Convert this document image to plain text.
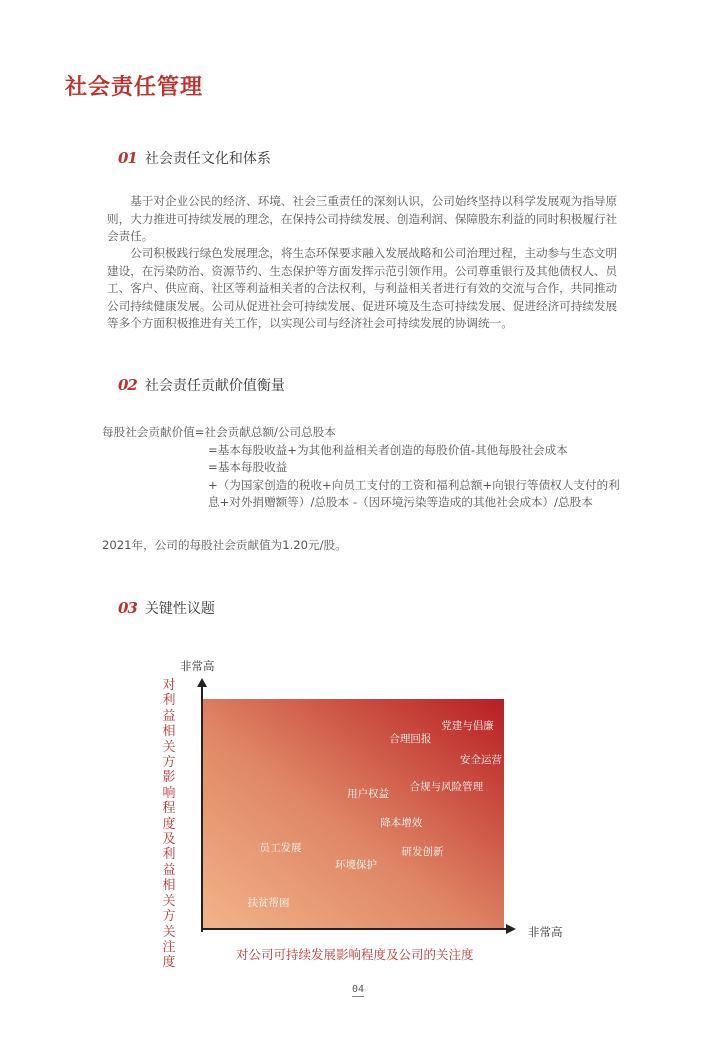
社会责任管理
01 社会责任文化和体系

基于对企业公民的经济、环境、社会三重责任的深刻认识，公司始终坚持以科学发展观为指导原则，大力推进可持续发展的理念，在保持公司持续发展、创造利润、保障股东利益的同时积极履行社会责任。

公司积极践行绿色发展理念，将生态环保要求融入发展战略和公司治理过程，主动参与生态文明建设，在污染防治、资源节约、生态保护等方面发挥示范引领作用。公司尊重银行及其他债权人、员工、客户、供应商、社区等利益相关者的合法权利，与利益相关者进行有效的交流与合作，共同推动公司持续健康发展。公司从促进社会可持续发展、促进环境及生态可持续发展、促进经济可持续发展等多个方面积极推进有关工作，以实现公司与经济社会可持续发展的协调统一。

02 社会责任贡献价值衡量
每股社会贡献价值=社会贡献总额/公司总股本
=基本每股收益+为其他利益相关者创造的每股价值-其他每股社会成本
=基本每股收益
+（为国家创造的税收+向员工支付的工资和福利总额+向银行等债权人支付的利息+对外捐赠额等）/总股本 -（因环境污染等造成的其他社会成本）/总股本
2021年，公司的每股社会贡献值为1.20元/股。
03 关键性议题
党建与倡廉
合理回报
安全运营
合规与风险管理
用户权益
降本增效
员工发展	研发创新
环境保护
扶贫帮困
非常高
非常高
对利益相关方影响程度及利益相关方关注度
对公司可持续发展影响程度及公司的关注度
04
